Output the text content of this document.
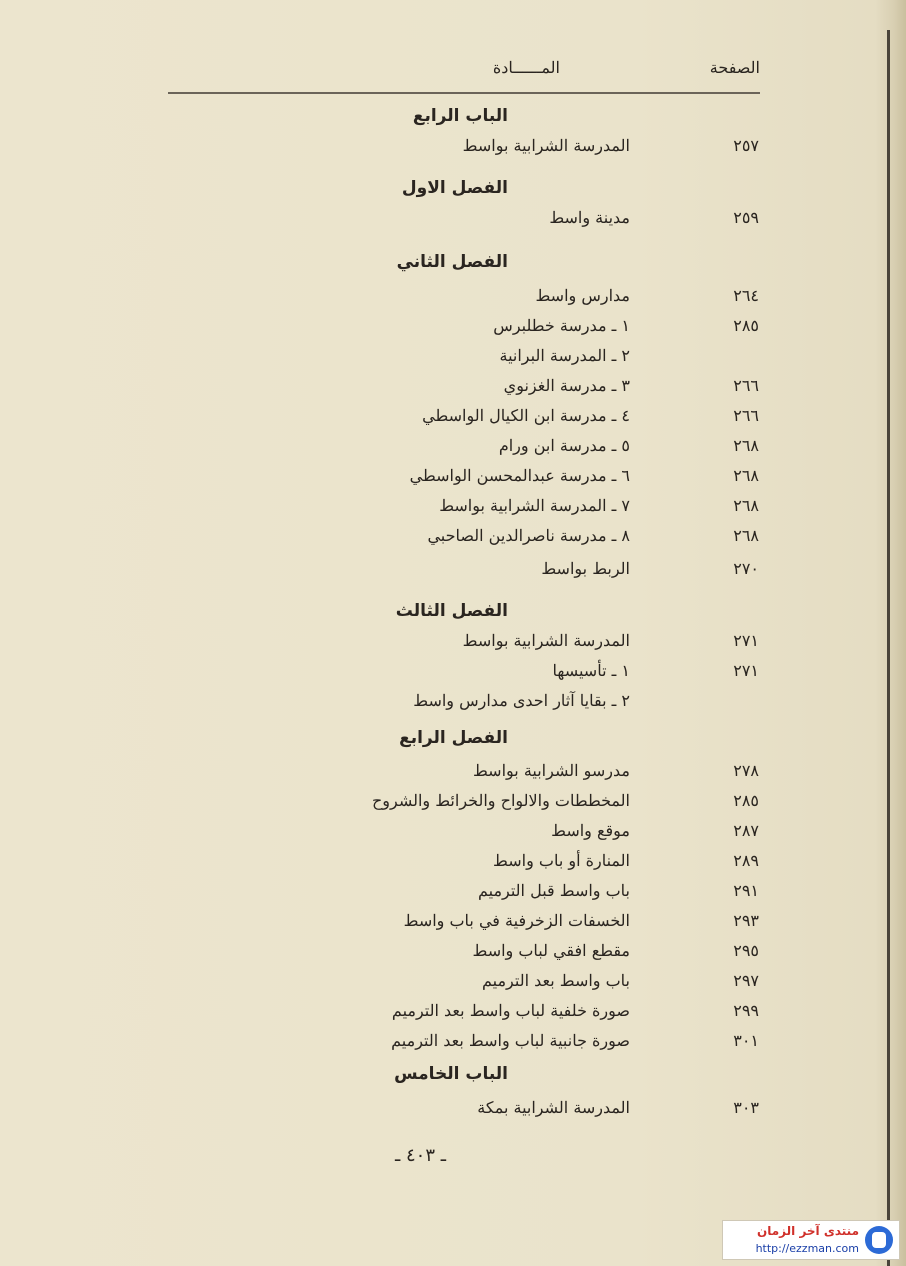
الصفحة
المــــــادة
الباب الرابع
المدرسة الشرابية بواسط	٢٥٧
الفصل الاول
مدينة واسط	٢٥٩
الفصل الثاني
مدارس واسط	٢٦٤
١ ـ مدرسة خطلبرس	٢٨٥
٢ ـ المدرسة البرانية
٣ ـ مدرسة الغزنوي	٢٦٦
٤ ـ مدرسة ابن الكيال الواسطي	٢٦٦
٥ ـ مدرسة ابن ورام	٢٦٨
٦ ـ مدرسة عبدالمحسن الواسطي	٢٦٨
٧ ـ المدرسة الشرابية بواسط	٢٦٨
٨ ـ مدرسة ناصرالدين الصاحبي	٢٦٨
الربط بواسط	٢٧٠
الفصل الثالث
المدرسة الشرابية بواسط	٢٧١
١ ـ تأسيسها	٢٧١
٢ ـ بقايا آثار احدى مدارس واسط
الفصل الرابع
مدرسو الشرابية بواسط	٢٧٨
المخططات والالواح والخرائط والشروح	٢٨٥
موقع واسط	٢٨٧
المنارة أو باب واسط	٢٨٩
باب واسط قبل الترميم	٢٩١
الخسفات الزخرفية في باب واسط	٢٩٣
مقطع افقي لباب واسط	٢٩٥
باب واسط بعد الترميم	٢٩٧
صورة خلفية لباب واسط بعد الترميم	٢٩٩
صورة جانبية لباب واسط بعد الترميم	٣٠١
الباب الخامس
المدرسة الشرابية بمكة	٣٠٣
ـ ٤٠٣ ـ
منتدى آخر الزمان
http://ezzman.com
